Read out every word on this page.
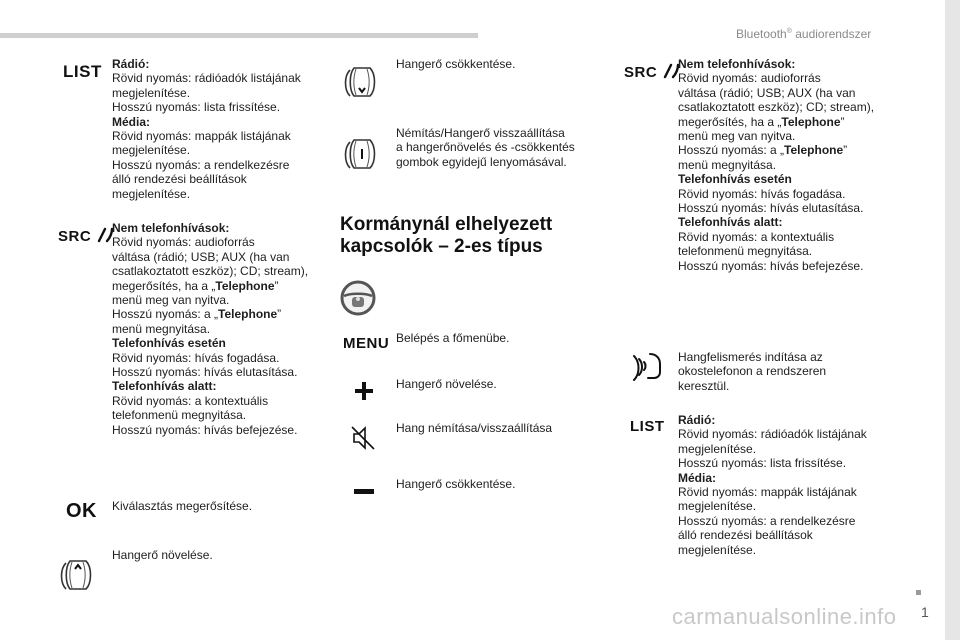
Bluetooth® audiorendszer
LIST Rádió:
Rövid nyomás: rádióadók listájának
megjelenítése.
Hosszú nyomás: lista frissítése.
Média:
Rövid nyomás: mappák listájának
megjelenítése.
Hosszú nyomás: a rendelkezésre
álló rendezési beállítások
megjelenítése.
SRC	Nem telefonhívások:
Rövid nyomás: audioforrás
váltása (rádió; USB; AUX (ha van
csatlakoztatott eszköz); CD; stream),
megerősítés, ha a „Telephone”
menü meg van nyitva.
Hosszú nyomás: a „Telephone”
menü megnyitása.
Telefonhívás esetén
Rövid nyomás: hívás fogadása.
Hosszú nyomás: hívás elutasítása.
Telefonhívás alatt:
Rövid nyomás: a kontextuális
telefonmenü megnyitása.
Hosszú nyomás: hívás befejezése.
OK Kiválasztás megerősítése.
Hangerő növelése.
Hangerő csökkentése.
Némítás/Hangerő visszaállítása
a hangerőnövelés és -csökkentés
gombok egyidejű lenyomásával.
Kormánynál elhelyezett
kapcsolók – 2-es típus
MENU Belépés a főmenübe.
Hangerő növelése.
Hang némítása/visszaállítása
Hangerő csökkentése.
SRC	Nem telefonhívások:
Rövid nyomás: audioforrás
váltása (rádió; USB; AUX (ha van
csatlakoztatott eszköz); CD; stream),
megerősítés, ha a „Telephone”
menü meg van nyitva.
Hosszú nyomás: a „Telephone”
menü megnyitása.
Telefonhívás esetén
Rövid nyomás: hívás fogadása.
Hosszú nyomás: hívás elutasítása.
Telefonhívás alatt:
Rövid nyomás: a kontextuális
telefonmenü megnyitása.
Hosszú nyomás: hívás befejezése.
Hangfelismerés indítása az
okostelefonon a rendszeren
keresztül.
LIST Rádió:
Rövid nyomás: rádióadók listájának
megjelenítése.
Hosszú nyomás: lista frissítése.
Média:
Rövid nyomás: mappák listájának
megjelenítése.
Hosszú nyomás: a rendelkezésre
álló rendezési beállítások
megjelenítése.
1
carmanualsonline.info
